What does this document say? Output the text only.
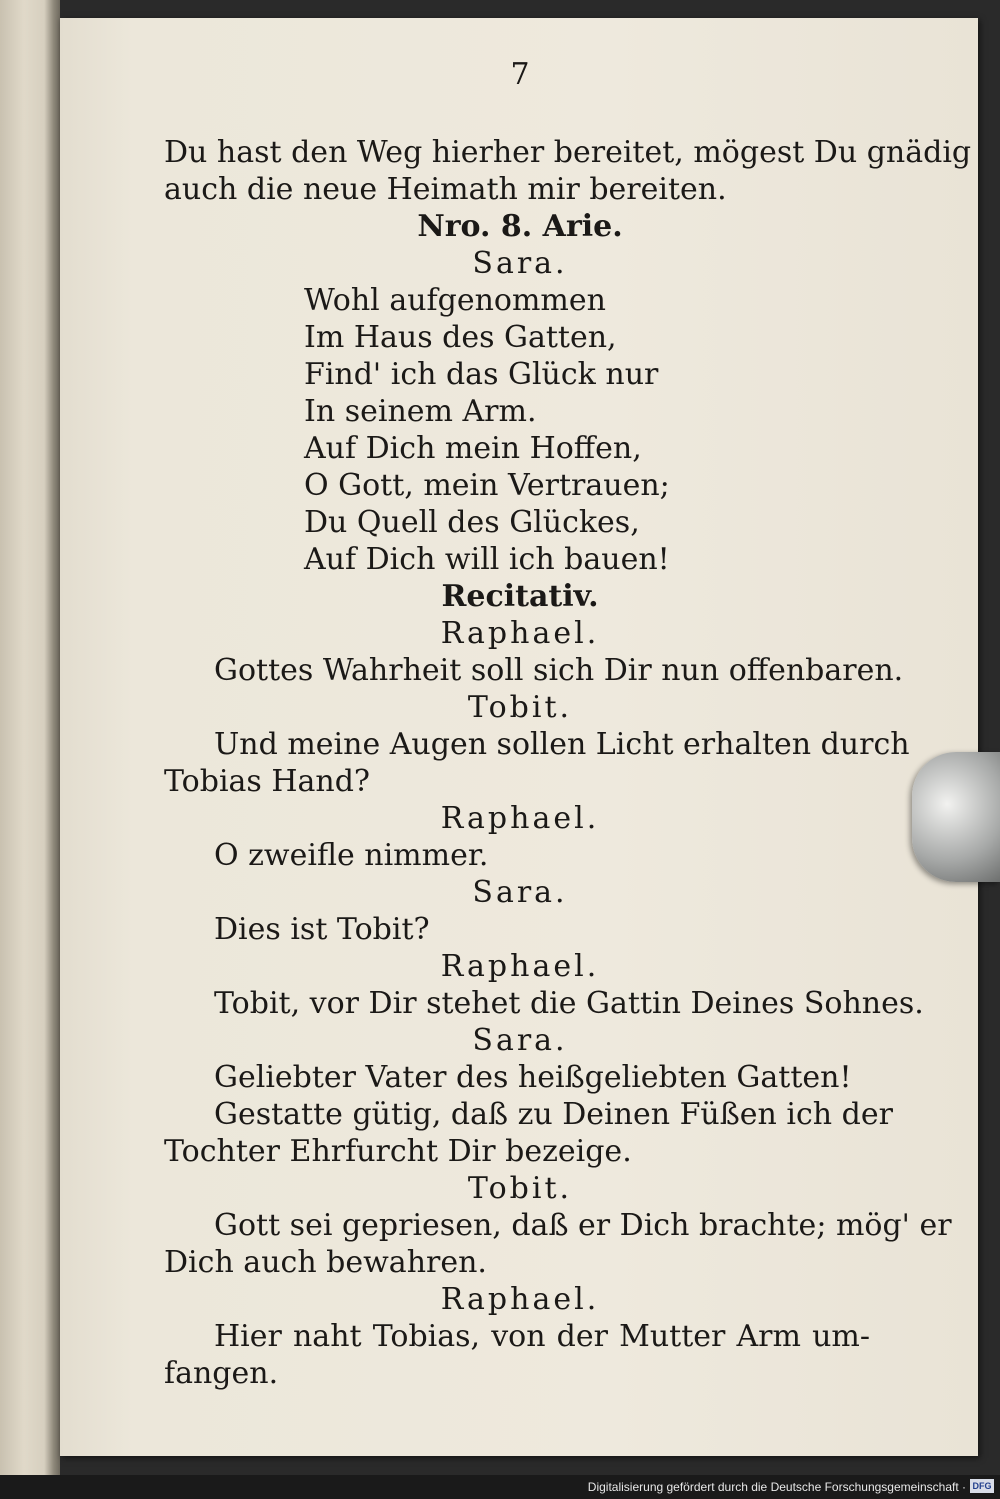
7

Du hast den Weg hierher bereitet, mögest Du gnädig

auch die neue Heimath mir bereiten.

Nro. 8. Arie.

Sara.

Wohl aufgenommen

Im Haus des Gatten,

Find' ich das Glück nur

In seinem Arm.

Auf Dich mein Hoffen,

O Gott, mein Vertrauen;

Du Quell des Glückes,

Auf Dich will ich bauen!

Recitativ.

Raphael.

Gottes Wahrheit soll sich Dir nun offenbaren.

Tobit.

Und meine Augen sollen Licht erhalten durch

Tobias Hand?

Raphael.

O zweifle nimmer.

Sara.

Dies ist Tobit?

Raphael.

Tobit, vor Dir stehet die Gattin Deines Sohnes.

Sara.

Geliebter Vater des heißgeliebten Gatten!

Gestatte gütig, daß zu Deinen Füßen ich der

Tochter Ehrfurcht Dir bezeige.

Tobit.

Gott sei gepriesen, daß er Dich brachte; mög' er

Dich auch bewahren.

Raphael.

Hier naht Tobias, von der Mutter Arm um-

fangen.

Digitalisierung gefördert durch die Deutsche Forschungsgemeinschaft · DFG
